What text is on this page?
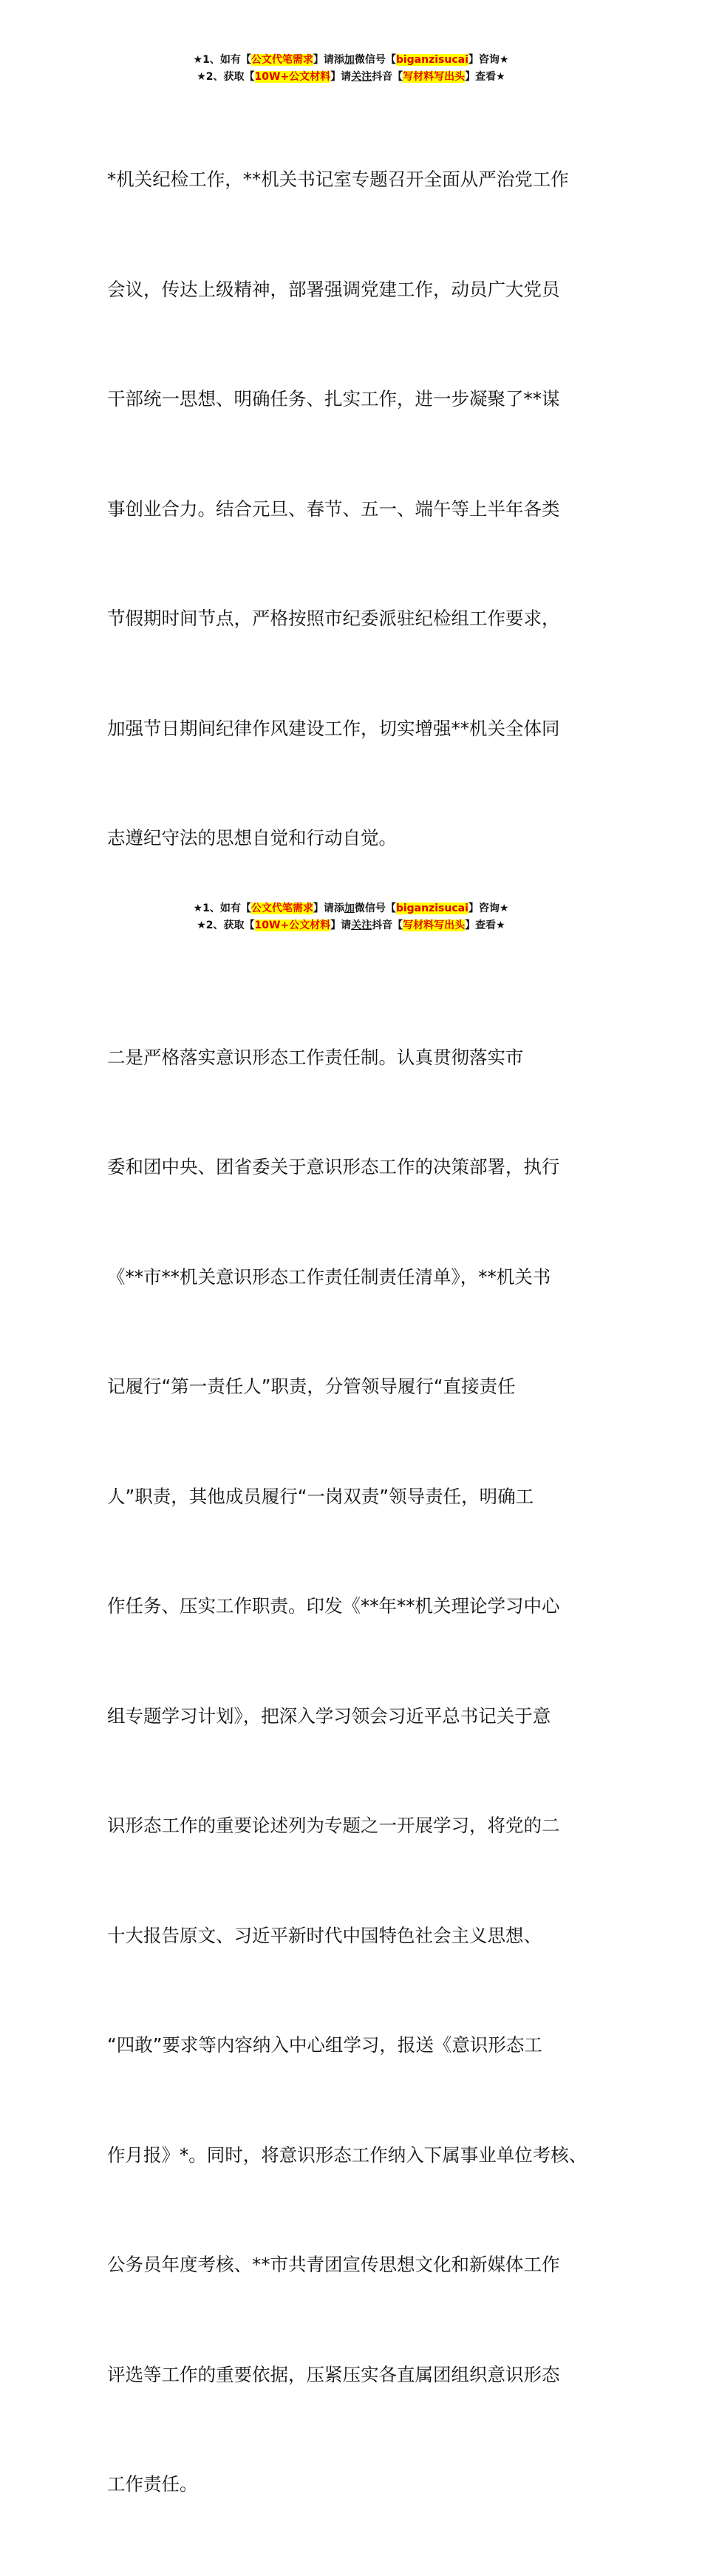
★1、如有【公文代笔需求】请添加微信号【biganzisucai】咨询★
★2、获取【10W+公文材料】请关注抖音【写材料写出头】查看★

*机关纪检工作，**机关书记室专题召开全面从严治党工作

会议，传达上级精神，部署强调党建工作，动员广大党员

干部统一思想、明确任务、扎实工作，进一步凝聚了**谋

事创业合力。结合元旦、春节、五一、端午等上半年各类

节假期时间节点，严格按照市纪委派驻纪检组工作要求，

加强节日期间纪律作风建设工作，切实增强**机关全体同

志遵纪守法的思想自觉和行动自觉。

二是严格落实意识形态工作责任制。认真贯彻落实市

委和团中央、团省委关于意识形态工作的决策部署，执行

《**市**机关意识形态工作责任制责任清单》，**机关书

记履行“第一责任人”职责，分管领导履行“直接责任

人”职责，其他成员履行“一岗双责”领导责任，明确工

作任务、压实工作职责。印发《**年**机关理论学习中心

组专题学习计划》，把深入学习领会习近平总书记关于意

识形态工作的重要论述列为专题之一开展学习，将党的二

十大报告原文、习近平新时代中国特色社会主义思想、

“四敢”要求等内容纳入中心组学习，报送《意识形态工

作月报》*。同时，将意识形态工作纳入下属事业单位考核、

公务员年度考核、**市共青团宣传思想文化和新媒体工作

评选等工作的重要依据，压紧压实各直属团组织意识形态

工作责任。

★1、如有【公文代笔需求】请添加微信号【biganzisucai】咨询★
★2、获取【10W+公文材料】请关注抖音【写材料写出头】查看★
